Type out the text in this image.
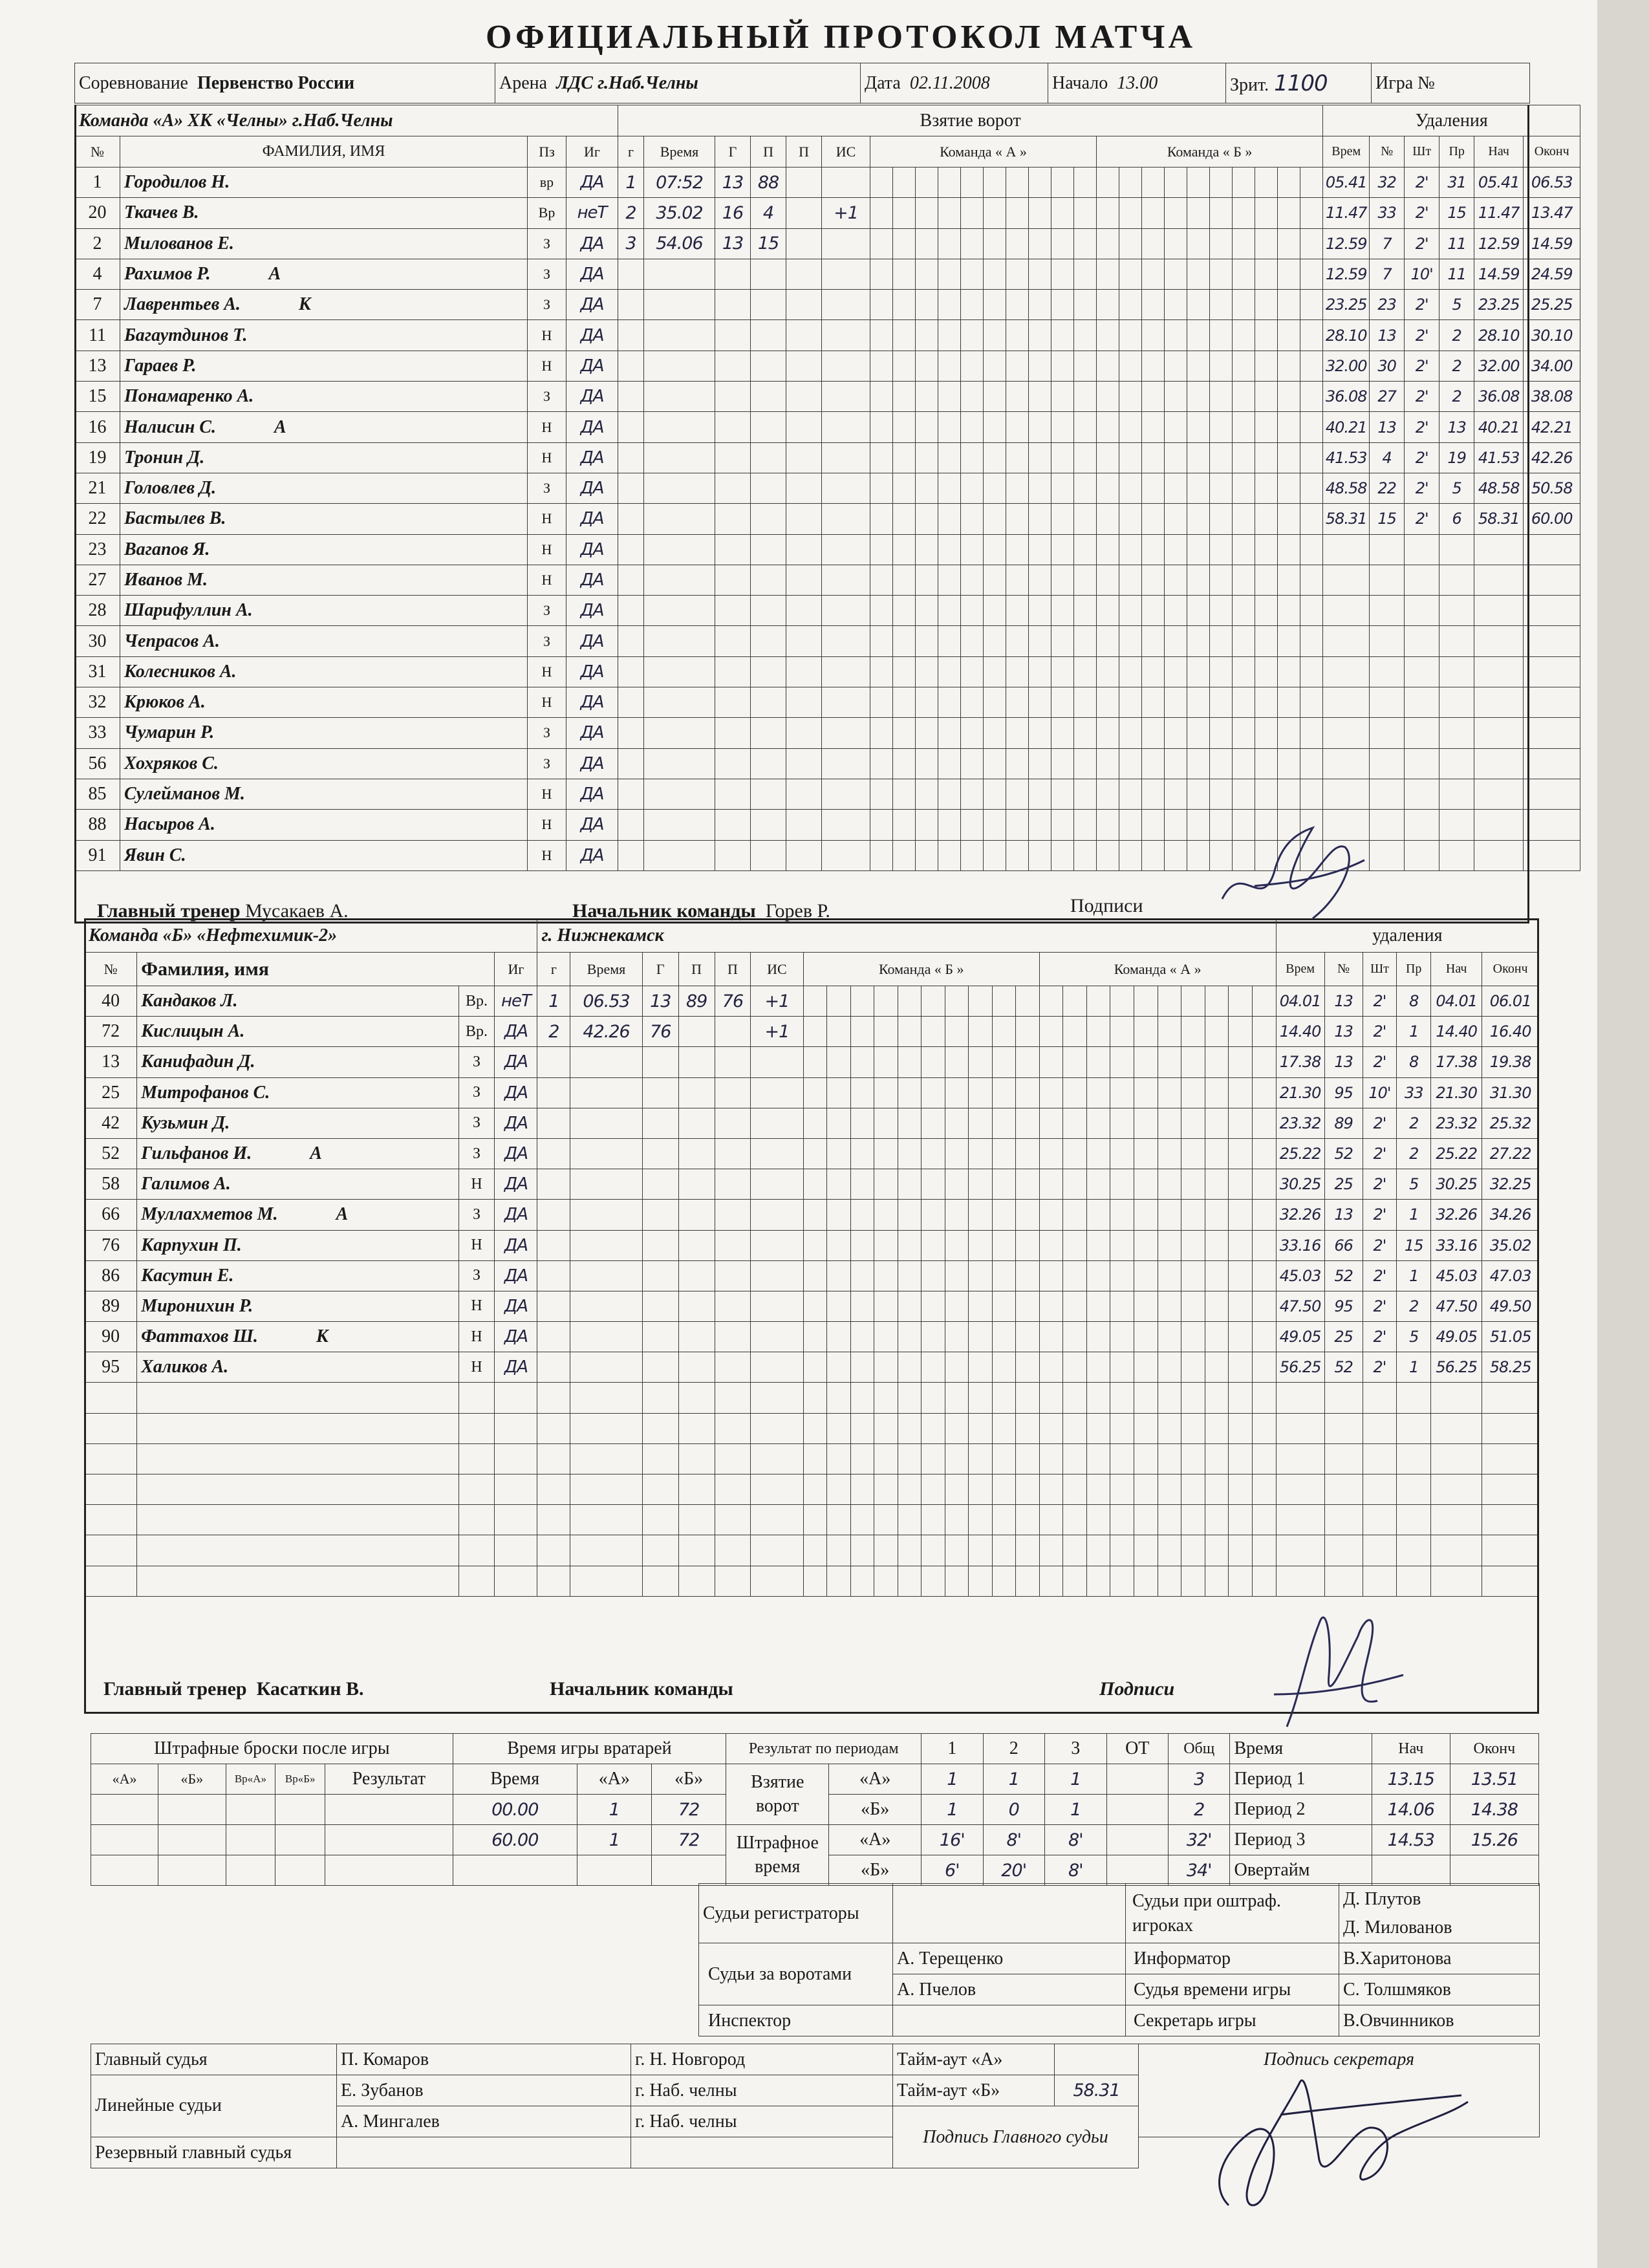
ОФИЦИАЛЬНЫЙ ПРОТОКОЛ МАТЧА
Соревнование Первенство России	Арена ЛДС г.Наб.Челны	Дата 02.11.2008	Начало 13.00	Зрит. 1100	Игра №
Команда «А» ХК «Челны» г.Наб.Челны				Взятие ворот																										Удаления					
№	ФАМИЛИЯ, ИМЯ	Пз	Иг	г	Время	Г	П	П	ИС	Команда « А »										Команда « Б »										Врем	№	Шт	Пр	Нач	Оконч
1	Городилов Н.	вр	ДА	1	07:52	13	88																							05.41	32	2'	31	05.41	06.53
20	Ткачев В.	Вр	неТ	2	35.02	16	4		+1																					11.47	33	2'	15	11.47	13.47
2	Милованов Е.	З	ДА	3	54.06	13	15																							12.59	7	2'	11	12.59	14.59
4	Рахимов Р. А	З	ДА																											12.59	7	10'	11	14.59	24.59
7	Лаврентьев А. К	З	ДА																											23.25	23	2'	5	23.25	25.25
11	Багаутдинов Т.	Н	ДА																											28.10	13	2'	2	28.10	30.10
13	Гараев Р.	Н	ДА																											32.00	30	2'	2	32.00	34.00
15	Понамаренко А.	З	ДА																											36.08	27	2'	2	36.08	38.08
16	Налисин С. А	Н	ДА																											40.21	13	2'	13	40.21	42.21
19	Тронин Д.	Н	ДА																											41.53	4	2'	19	41.53	42.26
21	Головлев Д.	З	ДА																											48.58	22	2'	5	48.58	50.58
22	Бастылев В.	Н	ДА																											58.31	15	2'	6	58.31	60.00
23	Вагапов Я.	Н	ДА																																
27	Иванов М.	Н	ДА																																
28	Шарифуллин А.	З	ДА																																
30	Чепрасов А.	З	ДА																																
31	Колесников А.	Н	ДА																																
32	Крюков А.	Н	ДА																																
33	Чумарин Р.	З	ДА																																
56	Хохряков С.	З	ДА																																
85	Сулейманов М.	Н	ДА																																
88	Насыров А.	Н	ДА																																
91	Явин С.	Н	ДА																																
Главный тренер Мусакаев А.	Начальник команды Горев Р.	Подписи
Команда «Б» «Нефтехимик-2»				г. Нижнекамск																										удаления					
№	Фамилия, имя		Иг	г	Время	Г	П	П	ИС	Команда « Б »										Команда « А »										Врем	№	Шт	Пр	Нач	Оконч
40	Кандаков Л.	Вр.	неТ	1	06.53	13	89	76	+1																					04.01	13	2'	8	04.01	06.01
72	Кислицын А.	Вр.	ДА	2	42.26	76			+1																					14.40	13	2'	1	14.40	16.40
13	Канифадин Д.	З	ДА																											17.38	13	2'	8	17.38	19.38
25	Митрофанов С.	З	ДА																											21.30	95	10'	33	21.30	31.30
42	Кузьмин Д.	З	ДА																											23.32	89	2'	2	23.32	25.32
52	Гильфанов И. А	З	ДА																											25.22	52	2'	2	25.22	27.22
58	Галимов А.	Н	ДА																											30.25	25	2'	5	30.25	32.25
66	Муллахметов М. А	З	ДА																											32.26	13	2'	1	32.26	34.26
76	Карпухин П.	Н	ДА																											33.16	66	2'	15	33.16	35.02
86	Касутин Е.	З	ДА																											45.03	52	2'	1	45.03	47.03
89	Миронихин Р.	Н	ДА																											47.50	95	2'	2	47.50	49.50
90	Фаттахов Ш. К	Н	ДА																											49.05	25	2'	5	49.05	51.05
95	Халиков А.	Н	ДА																											56.25	52	2'	1	56.25	58.25

Главный тренер Касаткин В.	Начальник команды	Подписи
Штрафные броски после игры					Время игры вратарей			Результат по периодам		1	2	3	ОТ	Общ	Время	Нач	Оконч
«А»	«Б»	Вр«А»	Вр«Б»	Результат	Время	«А»	«Б»	Взятие ворот	«А»	1	1	1		3	Период 1	13.15	13.51
					00.00	1	72		«Б»	1	0	1		2	Период 2	14.06	14.38
					60.00	1	72	Штрафное время	«А»	16'	8'	8'		32'	Период 3	14.53	15.26
									«Б»	6'	20'	8'		34'	Овертайм		
Судьи регистраторы		Судьи при оштраф. игроках	Д. Плутов
Д. Милованов

Судьи за воротами	А. Терещенко	Информатор	В.Харитонова
	А. Пчелов	Судья времени игры	С. Толшмяков
Инспектор		Секретарь игры	В.Овчинников
Главный судья	П. Комаров	г. Н. Новгород	Тайм-аут «А»		Подпись секретаря
Линейные судьи	Е. Зубанов	г. Наб. челны	Тайм-аут «Б»	58.31	
	А. Мингалев	г. Наб. челны	Подпись Главного судьи		
Резервный главный судья					
